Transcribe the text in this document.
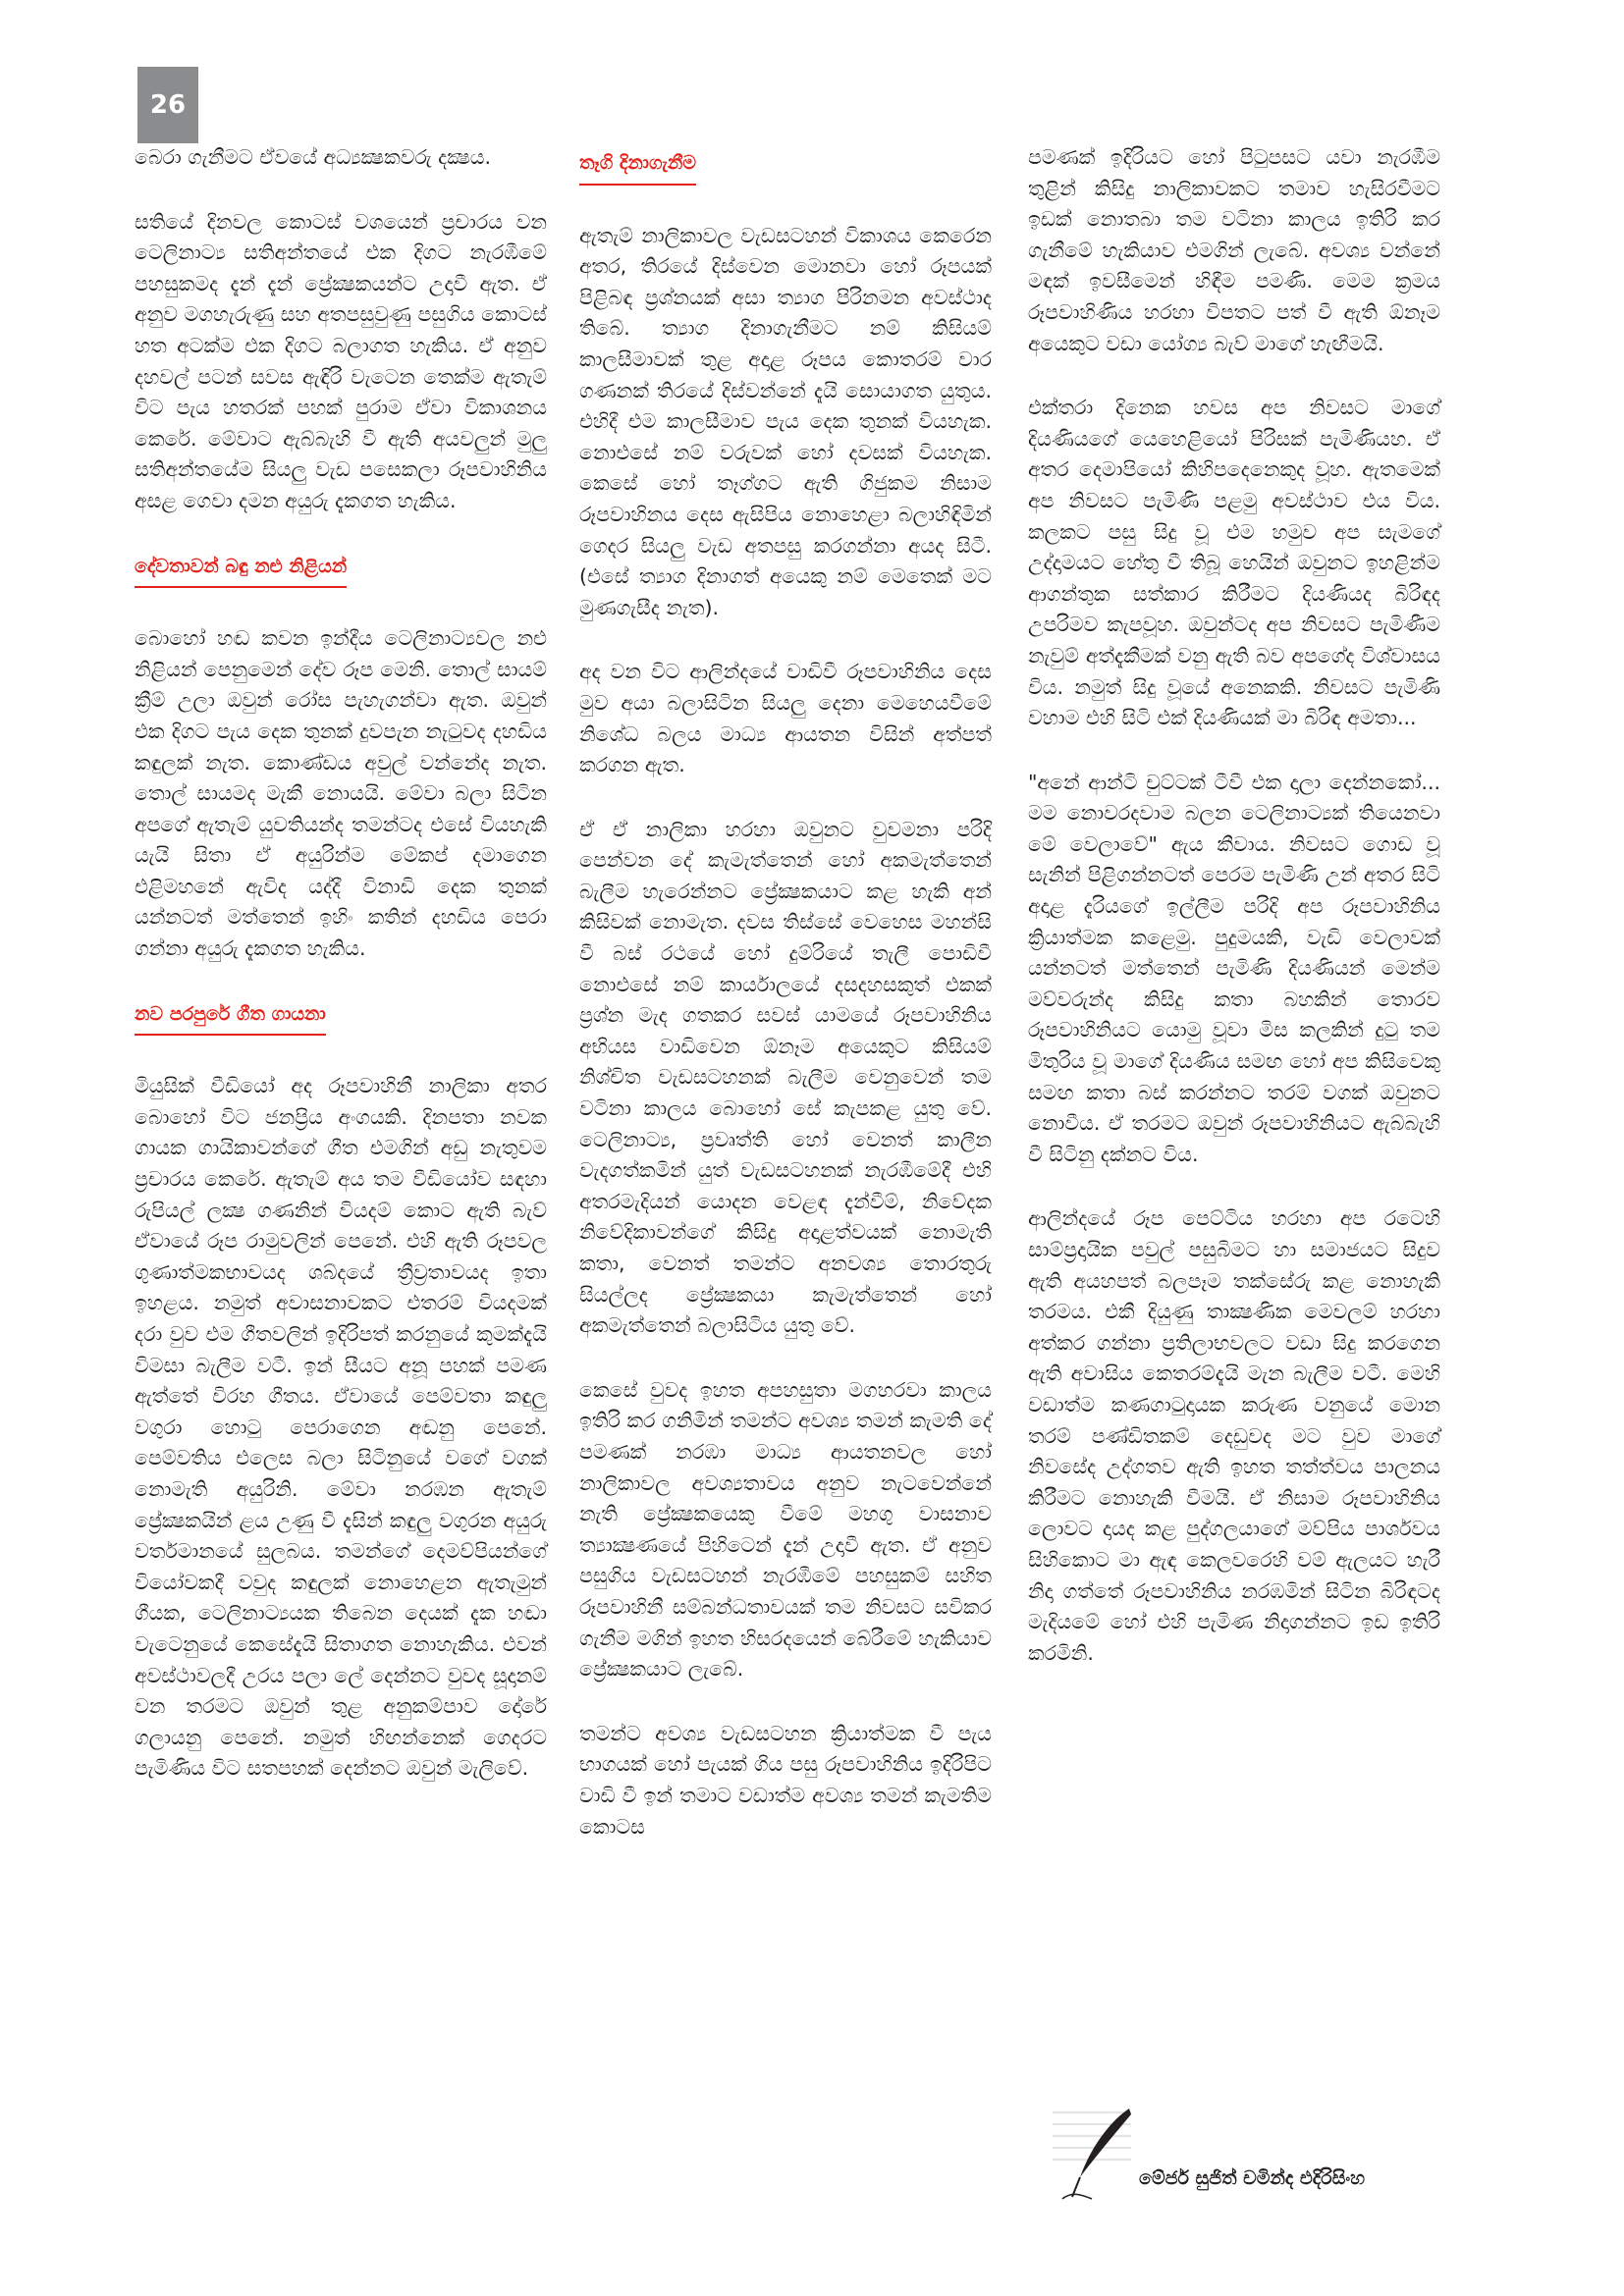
26

බෙරා ගැනීමට ඒවයේ අධ්‍යක්‍ෂකවරු දක්‍ෂය.

සතියේ දිනවල කොටස් වශයෙන් ප්‍රචාරය වන ටෙලිනාට්‍ය සතිඅන්තයේ එක දිගට නැරඹීමේ පහසුකමද දැන් දැන් ප්‍රේක්‍ෂකයන්ට උදාවී ඇත. ඒ අනුව මගහැරුණු සහ අතපසුවුණු පසුගිය කොටස් හත අටක්ම එක දිගට බලාගත හැකිය. ඒ අනුව දහවල් පටන් සවස ඇඳිරි වැටෙන තෙක්ම ඇතැම් විට පැය හතරක් පහක් පුරාම ඒවා විකාශනය කෙරේ. මේවාට ඇබ්බැහි වී ඇති අයවලුන් මුලු සතිඅන්තයේම සියලු වැඩ පසෙකලා රූපවාහිනිය අසළ ගෙවා දමන අයුරු දැකගත හැකිය.

දේවතාවන් බඳු නළු නිළියන්

බොහෝ හඬ කවන ඉන්දීය ටෙලිනාට්‍යවල නළු නිළියන් පෙනුමෙන් දේව රූප මෙනි. තොල් සායම් ක්‍රීම් උලා ඔවුන් රෝස පැහැගන්වා ඇත. ඔවුන් එක දිගට පැය දෙක තුනක් දුවපැන නැටුවද දහඩිය කඳුලක් නැත. කොණ්ඩය අවුල් වන්නේද නැත. තොල් සායමද මැකී නොයයි. මේවා බලා සිටින අපගේ ඇතැම් යුවතියන්ද තමන්ටද එසේ වියහැකි යැයි සිතා ඒ අයුරින්ම මේකප් දමාගෙන එළිමහනේ ඇවිද යද්දී විනාඩි දෙක තුනක් යන්නටත් මත්තෙන් ඉහිං කතින් දහඩිය පෙරා ගන්නා අයුරු දැකගත හැකිය.

නව පරපුරේ ගීත ගායනා

මියුසික් වීඩියෝ අද රූපවාහිනී නාලිකා අතර බොහෝ විට ජනප්‍රිය අංගයකි. දිනපතා නවක ගායක ගායිකාවන්ගේ ගීත එමගින් අඩු නැතුවම ප්‍රචාරය කෙරේ. ඇතැම් අය තම වීඩියෝව සඳහා රුපියල් ලක්‍ෂ ගණනින් වියදම් කොට ඇති බැව් ඒවායේ රූප රාමුවලින් පෙනේ. එහි ඇති රූපවල ගුණාත්මකභාවයද ශබ්දයේ ත්‍රීව්‍රතාවයද ඉතා ඉහළය. නමුත් අවාසනාවකට එතරම් වියදමක් දරා වුව එම ගීතවලින් ඉදිරිපත් කරනුයේ කුමක්දැයි විමසා බැලීම වටී. ඉන් සීයට අනූ පහක් පමණ ඇත්තේ විරහ ගීතය. ඒවායේ පෙම්වතා කඳුලු වගුරා හොටු පෙරාගෙන අඬනු පෙනේ. පෙම්වතිය එලෙස බලා සිටිනුයේ වගේ වගක් නොමැති අයුරිනි. මේවා නරඹන ඇතැම් ප්‍රේක්‍ෂකයින් ළය උණු වී දැසින් කඳුලු වගුරන අයුරු වර්තමානයේ සුලබය. තමන්ගේ දෙමව්පියන්ගේ වියෝවකදී වවුද කඳුලක් නොහෙළන ඇතැමුන් ගීයක, ටෙලිනාට්‍යයක තිබෙන දෙයක් දැක හඬා වැටෙනුයේ කෙසේදැයි සිතාගත නොහැකිය. එවන් අවස්ථාවලදී උරය පලා ලේ දෙන්නට වුවද සූදානම් වන තරමට ඔවුන් තුළ අනුකම්පාව දෝරේ ගලායනු පෙනේ. නමුත් හිඟන්නෙක් ගෙදරට පැමිණිය විට සතපහක් දෙන්නට ඔවුන් මැලිවේ.

තෑගි දිනාගැනීම

ඇතැම් නාලිකාවල වැඩසටහන් විකාශය කෙරෙන අතර, තිරයේ දිස්වෙන මොනවා හෝ රූපයක් පිළිබඳ ප්‍රශ්නයක් අසා ත්‍යාග පිරිනමන අවස්ථාද තිබේ. ත්‍යාග දිනාගැනීමට නම් කිසියම් කාලසීමාවක් තුළ අදාළ රූපය කොතරම් වාර ගණනක් තිරයේ දිස්වන්නේ දැයි සොයාගත යුතුය. එහිදී එම කාලසීමාව පැය දෙක තුනක් වියහැක. නොඑසේ නම් වරුවක් හෝ දවසක් වියහැක. කෙසේ හෝ තෑග්ගට ඇති ගිජුකම නිසාම රූපවාහිනය දෙස ඇසිපිය නොහෙළා බලාහිඳිමින් ගෙදර සියලු වැඩ අතපසු කරගන්නා අයද සිටී. (එසේ ත්‍යාග දිනාගත් අයෙකු නම් මෙතෙක් මට මුණගැසීද නැත).

අද වන විට ආලින්දයේ වාඩිවී රූපවාහිනිය දෙස මුව අයා බලාසිටින සියලු දෙනා මෙහෙයවීමේ නිශේධ බලය මාධ්‍ය ආයතන විසින් අත්පත් කරගන ඇත.

ඒ ඒ නාලිකා හරහා ඔවුනට වුවමනා පරිදි පෙන්වන දේ කැමැත්තෙන් හෝ අකමැත්තෙන් බැලීම හැරෙන්නට ප්‍රේක්‍ෂකයාට කළ හැකි අන් කිසිවක් නොමැත. දවස තිස්සේ වෙහෙස මහන්සි වී බස් රථයේ හෝ දුම්රියේ තැලී පොඩිවී නොඑසේ නම් කාර්යාලයේ දසදහසකුත් එකක් ප්‍රශ්න මැද ගතකර සවස් යාමයේ රූපවාහිනිය අභියස වාඩිවෙන ඕනෑම අයෙකුට කිසියම් නිශ්චිත වැඩසටහනක් බැලීම වෙනුවෙන් තම වටිනා කාලය බොහෝ සේ කැපකළ යුතු වේ. ටෙලිනාට්‍ය, ප්‍රවෘත්ති හෝ වෙනත් කාලීන වැදගත්කමින් යුත් වැඩසටහනක් නැරඹීමේදී එහි අතරමැදියන් යොදන වෙළඳ දැන්වීම්, නිවේදක නිවේදිකාවන්ගේ කිසිදු අදාළත්වයක් නොමැති කතා, වෙනත් තමන්ට අනවශ්‍ය තොරතුරු සියල්ලද ප්‍රේක්‍ෂකයා කැමැත්තෙන් හෝ අකමැත්තෙන් බලාසිටිය යුතු වේ.

කෙසේ වුවද ඉහත අපහසුතා මගහරවා කාලය ඉතිරි කර ගනිමින් තමන්ට අවශ්‍ය තමන් කැමති දේ පමණක් නරඹා මාධ්‍ය ආයතනවල හෝ නාලිකාවල අවශ්‍යතාවය අනුව නැටවෙන්නේ නැති ප්‍රේක්‍ෂකයෙකු වීමේ මහගු වාසනාව ත්‍යාක්‍ෂණයේ පිහිටෙන් දැන් උදාවී ඇත. ඒ අනුව පසුගිය වැඩසටහන් නැරඹීමේ පහසුකම් සහිත රූපවාහිනී සම්බන්ධතාවයක් තම නිවසට සවිකර ගැනීම මගින් ඉහත හිසරදයෙන් බේරීමේ හැකියාව ප්‍රේක්‍ෂකයාට ලැබේ.

තමන්ට අවශ්‍ය වැඩසටහන ක්‍රියාත්මක වී පැය භාගයක් හෝ පැයක් ගිය පසු රූපවාහිනිය ඉදිරිපිට වාඩි වී ඉන් තමාට වඩාත්ම අවශ්‍ය තමන් කැමතිම කොටස

පමණක් ඉදිරියට හෝ පිටුපසට යවා නැරඹීම තුළින් කිසිදු නාලිකාවකට තමාව හැසිරවීමට ඉඩක් නොතබා තම වටිනා කාලය ඉතිරි කර ගැනීමේ හැකියාව එමගින් ලැබේ. අවශ්‍ය වන්නේ මඳක් ඉවසීමෙන් හිඳීම පමණි. මෙම ක්‍රමය රූපවාහිණිය හරහා විපතට පත් වී ඇති ඕනෑම අයෙකුට වඩා යෝග්‍ය බැව් මාගේ හැඟීමයි.

එක්තරා දිනෙක හවස අප නිවසට මාගේ දියණියගේ යෙහෙළියෝ පිරිසක් පැමිණියහ. ඒ අතර දෙමාපියෝ කිහිපදෙනෙකුද වූහ. ඇතමෙක් අප නිවසට පැමිණි පළමු අවස්ථාව එය විය. කලකට පසු සිදු වූ එම හමුව අප සැමගේ උද්දාමයට හේතු වී තිබූ හෙයින් ඔවුනට ඉහළින්ම ආගන්තුක සත්කාර කිරීමට දියණියද බිරිඳද උපරිමව කැපවූහ. ඔවුන්ටද අප නිවසට පැමිණීම නැවුම් අත්දැකීමක් වනු ඇති බව අපගේද විශ්වාසය විය. නමුත් සිදු වූයේ අනෙකකි. නිවසට පැමිණි වහාම එහි සිටි එක් දියණියක් මා බිරිඳ අමතා...

"අනේ ආන්ටි චුට්ටක් ටීවී එක දාලා දෙන්නකෝ... මම නොවරදවාම බලන ටෙලිනාට්‍යක් තියෙනවා මේ වෙලාවේ" ඇය කීවාය. නිවසට ගොඩ වූ සැනින් පිළිගන්නටත් පෙරම පැමිණි උන් අතර සිටි අදාළ දැරියගේ ඉල්ලීම පරිදි අප රූපවාහිනිය ක්‍රියාත්මක කළෙමු. පුදුමයකි, වැඩි වෙලාවක් යන්නටත් මත්තෙන් පැමිණි දියණියන් මෙන්ම මව්වරුන්ද කිසිදු කතා බහකින් තොරව රූපවාහිනියට යොමු වූවා මිස කලකින් දුටු තම මිතුරිය වූ මාගේ දියණිය සමඟ හෝ අප කිසිවෙකු සමඟ කතා බස් කරන්නට තරම් වගක් ඔවුනට නොවීය. ඒ තරමට ඔවුන් රූපවාහිනියට ඇබ්බැහි වී සිටිනු දක්නට විය.

ආලින්දයේ රූප පෙට්ටිය හරහා අප රටෙහි සාම්ප්‍රදායික පවුල් පසුබිමට හා සමාජයට සිදුව ඇති අයහපත් බලපෑම තක්සේරු කළ නොහැකි තරමය. එකී දියුණු තාක්‍ෂණික මෙවලම් හරහා අත්කර ගන්නා ප්‍රතිලාභවලට වඩා සිදු කරගෙන ඇති අවාසිය කෙතරම්දැයි මැන බැලීම වටී. මෙහි වඩාත්ම කණගාටුදායක කරුණ වනුයේ මොන තරම් පණ්ඩිතකම් දෙඩුවද මට වුව මාගේ නිවසේද උද්ගතව ඇති ඉහත තත්ත්වය පාලනය කිරීමට නොහැකි වීමයි. ඒ නිසාම රූපවාහිනිය ලොවට දායද කළ පුද්ගලයාගේ මව්පිය පාර්ශවය සිහිකොට මා ඇඳ කෙලවරෙහි වම් ඇලයට හැරී නිදා ගත්තේ රූපවාහිනිය නරඹමින් සිටින බිරිඳටද මැදියමේ හෝ එහි පැමිණ නිදාගන්නට ඉඩ ඉතිරි කරමිනි.

මේජර් සුජිත් චමින්ද එදිරිසිංහ
